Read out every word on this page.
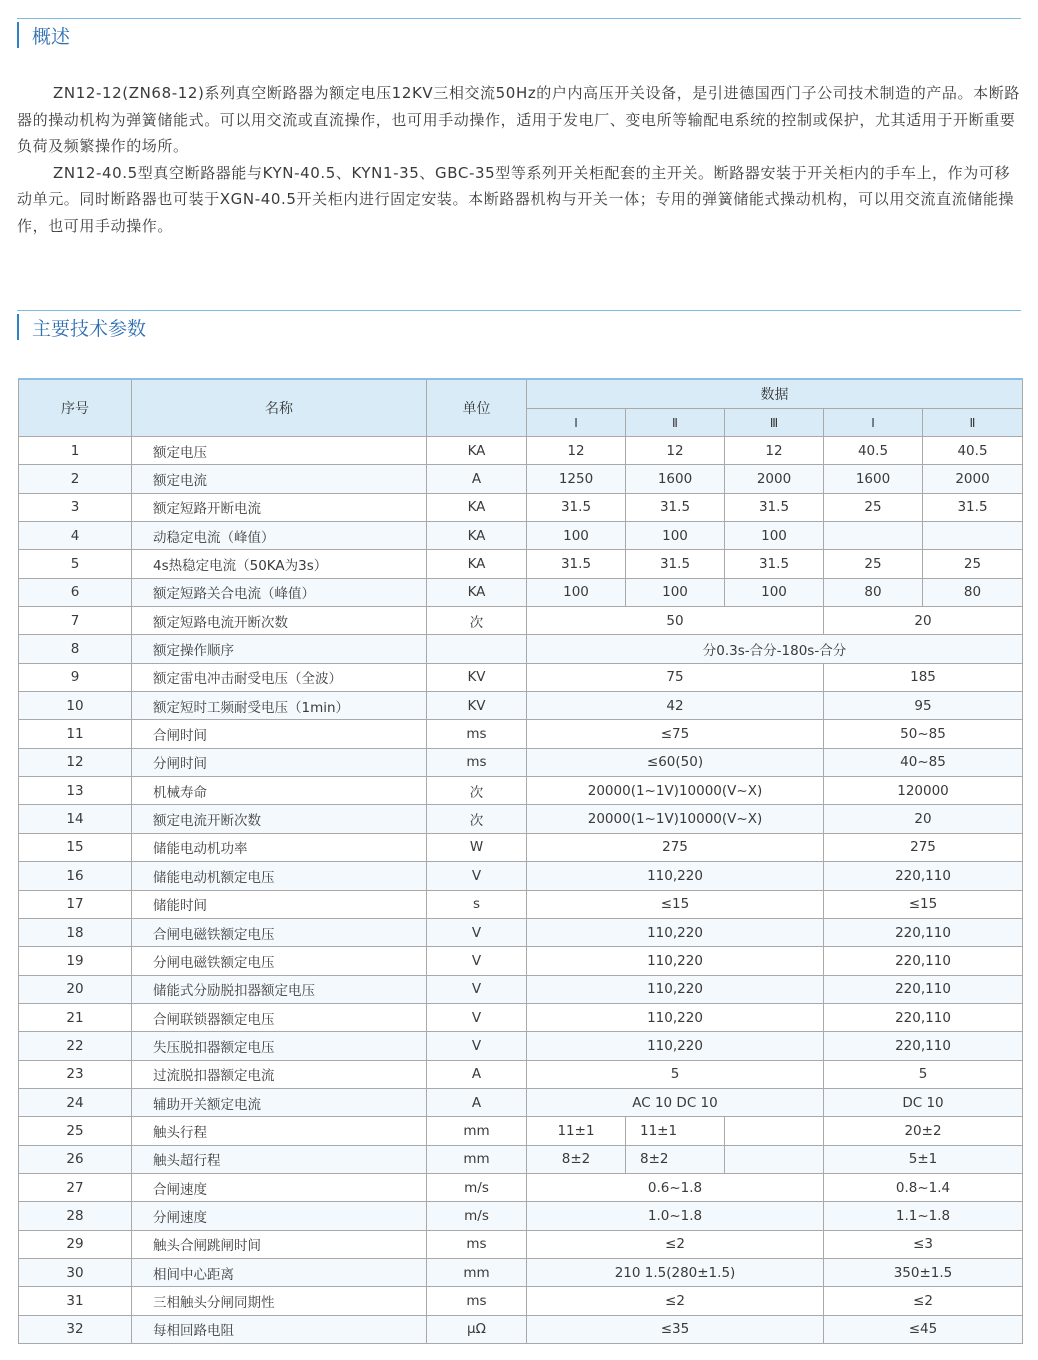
概述

ZN12-12(ZN68-12)系列真空断路器为额定电压12KV三相交流50Hz的户内高压开关设备，是引进德国西门子公司技术制造的产品。本断路器的操动机构为弹簧储能式。可以用交流或直流操作，也可用手动操作，适用于发电厂、变电所等输配电系统的控制或保护，尤其适用于开断重要负荷及频繁操作的场所。

ZN12-40.5型真空断路器能与KYN-40.5、KYN1-35、GBC-35型等系列开关柜配套的主开关。断路器安装于开关柜内的手车上，作为可移动单元。同时断路器也可装于XGN-40.5开关柜内进行固定安装。本断路器机构与开关一体；专用的弹簧储能式操动机构，可以用交流直流储能操作，也可用手动操作。

主要技术参数
序号	名称	单位	数据				
			Ⅰ	Ⅱ	Ⅲ	Ⅰ	Ⅱ
1	额定电压	KA	12	12	12	40.5	40.5
2	额定电流	A	1250	1600	2000	1600	2000
3	额定短路开断电流	KA	31.5	31.5	31.5	25	31.5
4	动稳定电流（峰值）	KA	100	100	100		
5	4s热稳定电流（50KA为3s）	KA	31.5	31.5	31.5	25	25
6	额定短路关合电流（峰值）	KA	100	100	100	80	80
7	额定短路电流开断次数	次	50			20	
8	额定操作顺序		分0.3s-合分-180s-合分				
9	额定雷电冲击耐受电压（全波）	KV	75			185	
10	额定短时工频耐受电压（1min）	KV	42			95	
11	合闸时间	ms	≤75			50~85	
12	分闸时间	ms	≤60(50)			40~85	
13	机械寿命	次	20000(1~1V)10000(V~X)			120000	
14	额定电流开断次数	次	20000(1~1V)10000(V~X)			20	
15	储能电动机功率	W	275			275	
16	储能电动机额定电压	V	110,220			220,110	
17	储能时间	s	≤15			≤15	
18	合闸电磁铁额定电压	V	110,220			220,110	
19	分闸电磁铁额定电压	V	110,220			220,110	
20	储能式分励脱扣器额定电压	V	110,220			220,110	
21	合闸联锁器额定电压	V	110,220			220,110	
22	失压脱扣器额定电压	V	110,220			220,110	
23	过流脱扣器额定电流	A	5			5	
24	辅助开关额定电流	A	AC 10 DC 10			DC 10	
25	触头行程	mm	11±1	11±1		20±2	
26	触头超行程	mm	8±2	8±2		5±1	
27	合闸速度	m/s	0.6~1.8			0.8~1.4	
28	分闸速度	m/s	1.0~1.8			1.1~1.8	
29	触头合闸跳闸时间	ms	≤2			≤3	
30	相间中心距离	mm	210 1.5(280±1.5)			350±1.5	
31	三相触头分闸同期性	ms	≤2			≤2	
32	每相回路电阻	μΩ	≤35			≤45	
